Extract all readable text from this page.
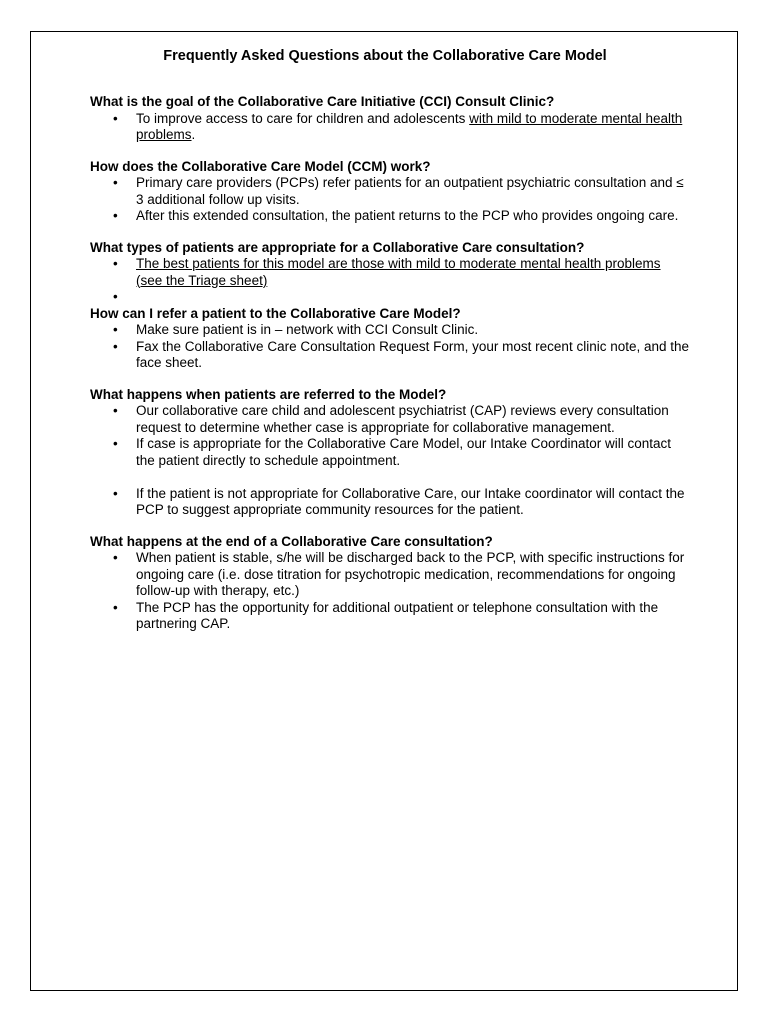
Frequently Asked Questions about the Collaborative Care Model

What is the goal of the Collaborative Care Initiative (CCI) Consult Clinic?

•	To improve access to care for children and adolescents with mild to moderate mental health problems.

How does the Collaborative Care Model (CCM) work?

•	Primary care providers (PCPs) refer patients for an outpatient psychiatric consultation and ≤ 3 additional follow up visits.
•	After this extended consultation, the patient returns to the PCP who provides ongoing care.

What types of patients are appropriate for a Collaborative Care consultation?

•	The best patients for this model are those with mild to moderate mental health problems (see the Triage sheet)
•

How can I refer a patient to the Collaborative Care Model?

•	Make sure patient is in – network with CCI Consult Clinic.
•	Fax the Collaborative Care Consultation Request Form, your most recent clinic note, and the face sheet.

What happens when patients are referred to the Model?

•	Our collaborative care child and adolescent psychiatrist (CAP) reviews every consultation request to determine whether case is appropriate for collaborative management.
•	If case is appropriate for the Collaborative Care Model, our Intake Coordinator will contact the patient directly to schedule appointment.
•	If the patient is not appropriate for Collaborative Care, our Intake coordinator will contact the PCP to suggest appropriate community resources for the patient.

What happens at the end of a Collaborative Care consultation?

•	When patient is stable, s/he will be discharged back to the PCP, with specific instructions for ongoing care (i.e. dose titration for psychotropic medication, recommendations for ongoing follow-up with therapy, etc.)
•	The PCP has the opportunity for additional outpatient or telephone consultation with the partnering CAP.
